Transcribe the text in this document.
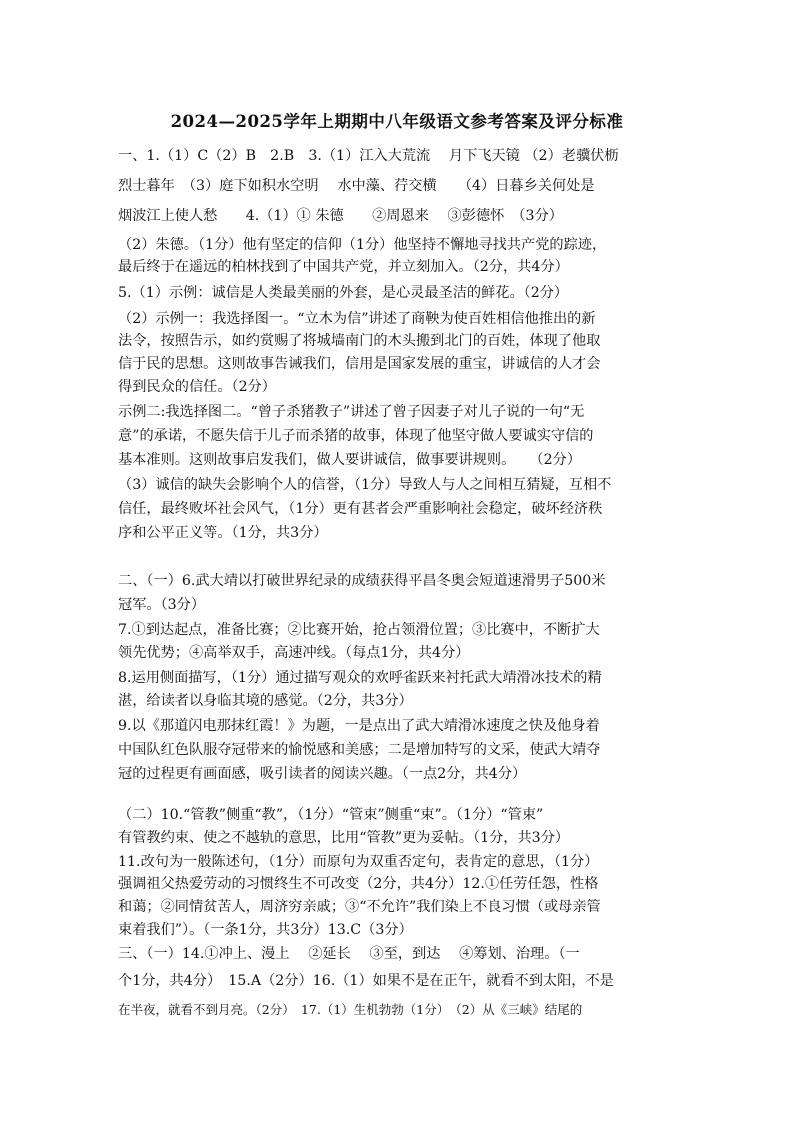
2024—2025学年上期期中八年级语文参考答案及评分标准
一、1.（1）C（2）B　2.B　3.（1）江入大荒流　 月下飞天镜 （2）老骥伏枥
烈士暮年　（3）庭下如积水空明　 水中藻、荇交横　　（4）日暮乡关何处是
烟波江上使人愁　　4.（1）① 朱德　　②周恩来　 ③彭德怀　（3分）
（2）朱德。（1分）他有坚定的信仰（1分）他坚持不懈地寻找共产党的踪迹，
最后终于在遥远的柏林找到了中国共产党，并立刻加入。（2分，共4分）
5.（1）示例：诚信是人类最美丽的外套，是心灵最圣洁的鲜花。（2分）
（2）示例一：我选择图一。“立木为信”讲述了商鞅为使百姓相信他推出的新
法令，按照告示，如约赏赐了将城墙南门的木头搬到北门的百姓，体现了他取
信于民的思想。这则故事告诫我们，信用是国家发展的重宝，讲诚信的人才会
得到民众的信任。（2分）
示例二:我选择图二。“曾子杀猪教子”讲述了曾子因妻子对儿子说的一句“无
意”的承诺，不愿失信于儿子而杀猪的故事，体现了他坚守做人要诚实守信的
基本准则。这则故事启发我们，做人要讲诚信，做事要讲规则。　　（2分）
（3）诚信的缺失会影响个人的信誉，（1分）导致人与人之间相互猜疑，互相不
信任，最终败坏社会风气，（1分）更有甚者会严重影响社会稳定，破坏经济秩
序和公平正义等。（1分，共3分）
二、（一）6.武大靖以打破世界纪录的成绩获得平昌冬奥会短道速滑男子500米
冠军。（3分）
7.①到达起点，准备比赛；②比赛开始，抢占领滑位置；③比赛中，不断扩大
领先优势；④高举双手，高速冲线。（每点1分，共4分）
8.运用侧面描写，（1分）通过描写观众的欢呼雀跃来衬托武大靖滑冰技术的精
湛，给读者以身临其境的感觉。（2分，共3分）
9.以《那道闪电那抹红霞！》为题，一是点出了武大靖滑冰速度之快及他身着
中国队红色队服夺冠带来的愉悦感和美感；二是增加特写的文采，使武大靖夺
冠的过程更有画面感，吸引读者的阅读兴趣。（一点2分，共4分）
（二）10.“管教”侧重“教”，（1分）“管束”侧重“束”。（1分）“管束”
有管教约束、使之不越轨的意思，比用“管教”更为妥帖。（1分，共3分）
11.改句为一般陈述句，（1分）而原句为双重否定句，表肯定的意思，（1分）
强调祖父热爱劳动的习惯终生不可改变（2分，共4分）12.①任劳任怨，性格
和蔼；②同情贫苦人，周济穷亲戚；③“不允许”我们染上不良习惯（或母亲管
束着我们”）。（一条1分，共3分）13.C（3分）
三、（一）14.①冲上、漫上　 ②延长　 ③至，到达　 ④筹划、治理。（一
个1分，共4分）　15.A（2分）16.（1）如果不是在正午，就看不到太阳，不是
在半夜，就看不到月亮。（2分）　17.（1）生机勃勃（1分）　（2）从《三峡》结尾的
